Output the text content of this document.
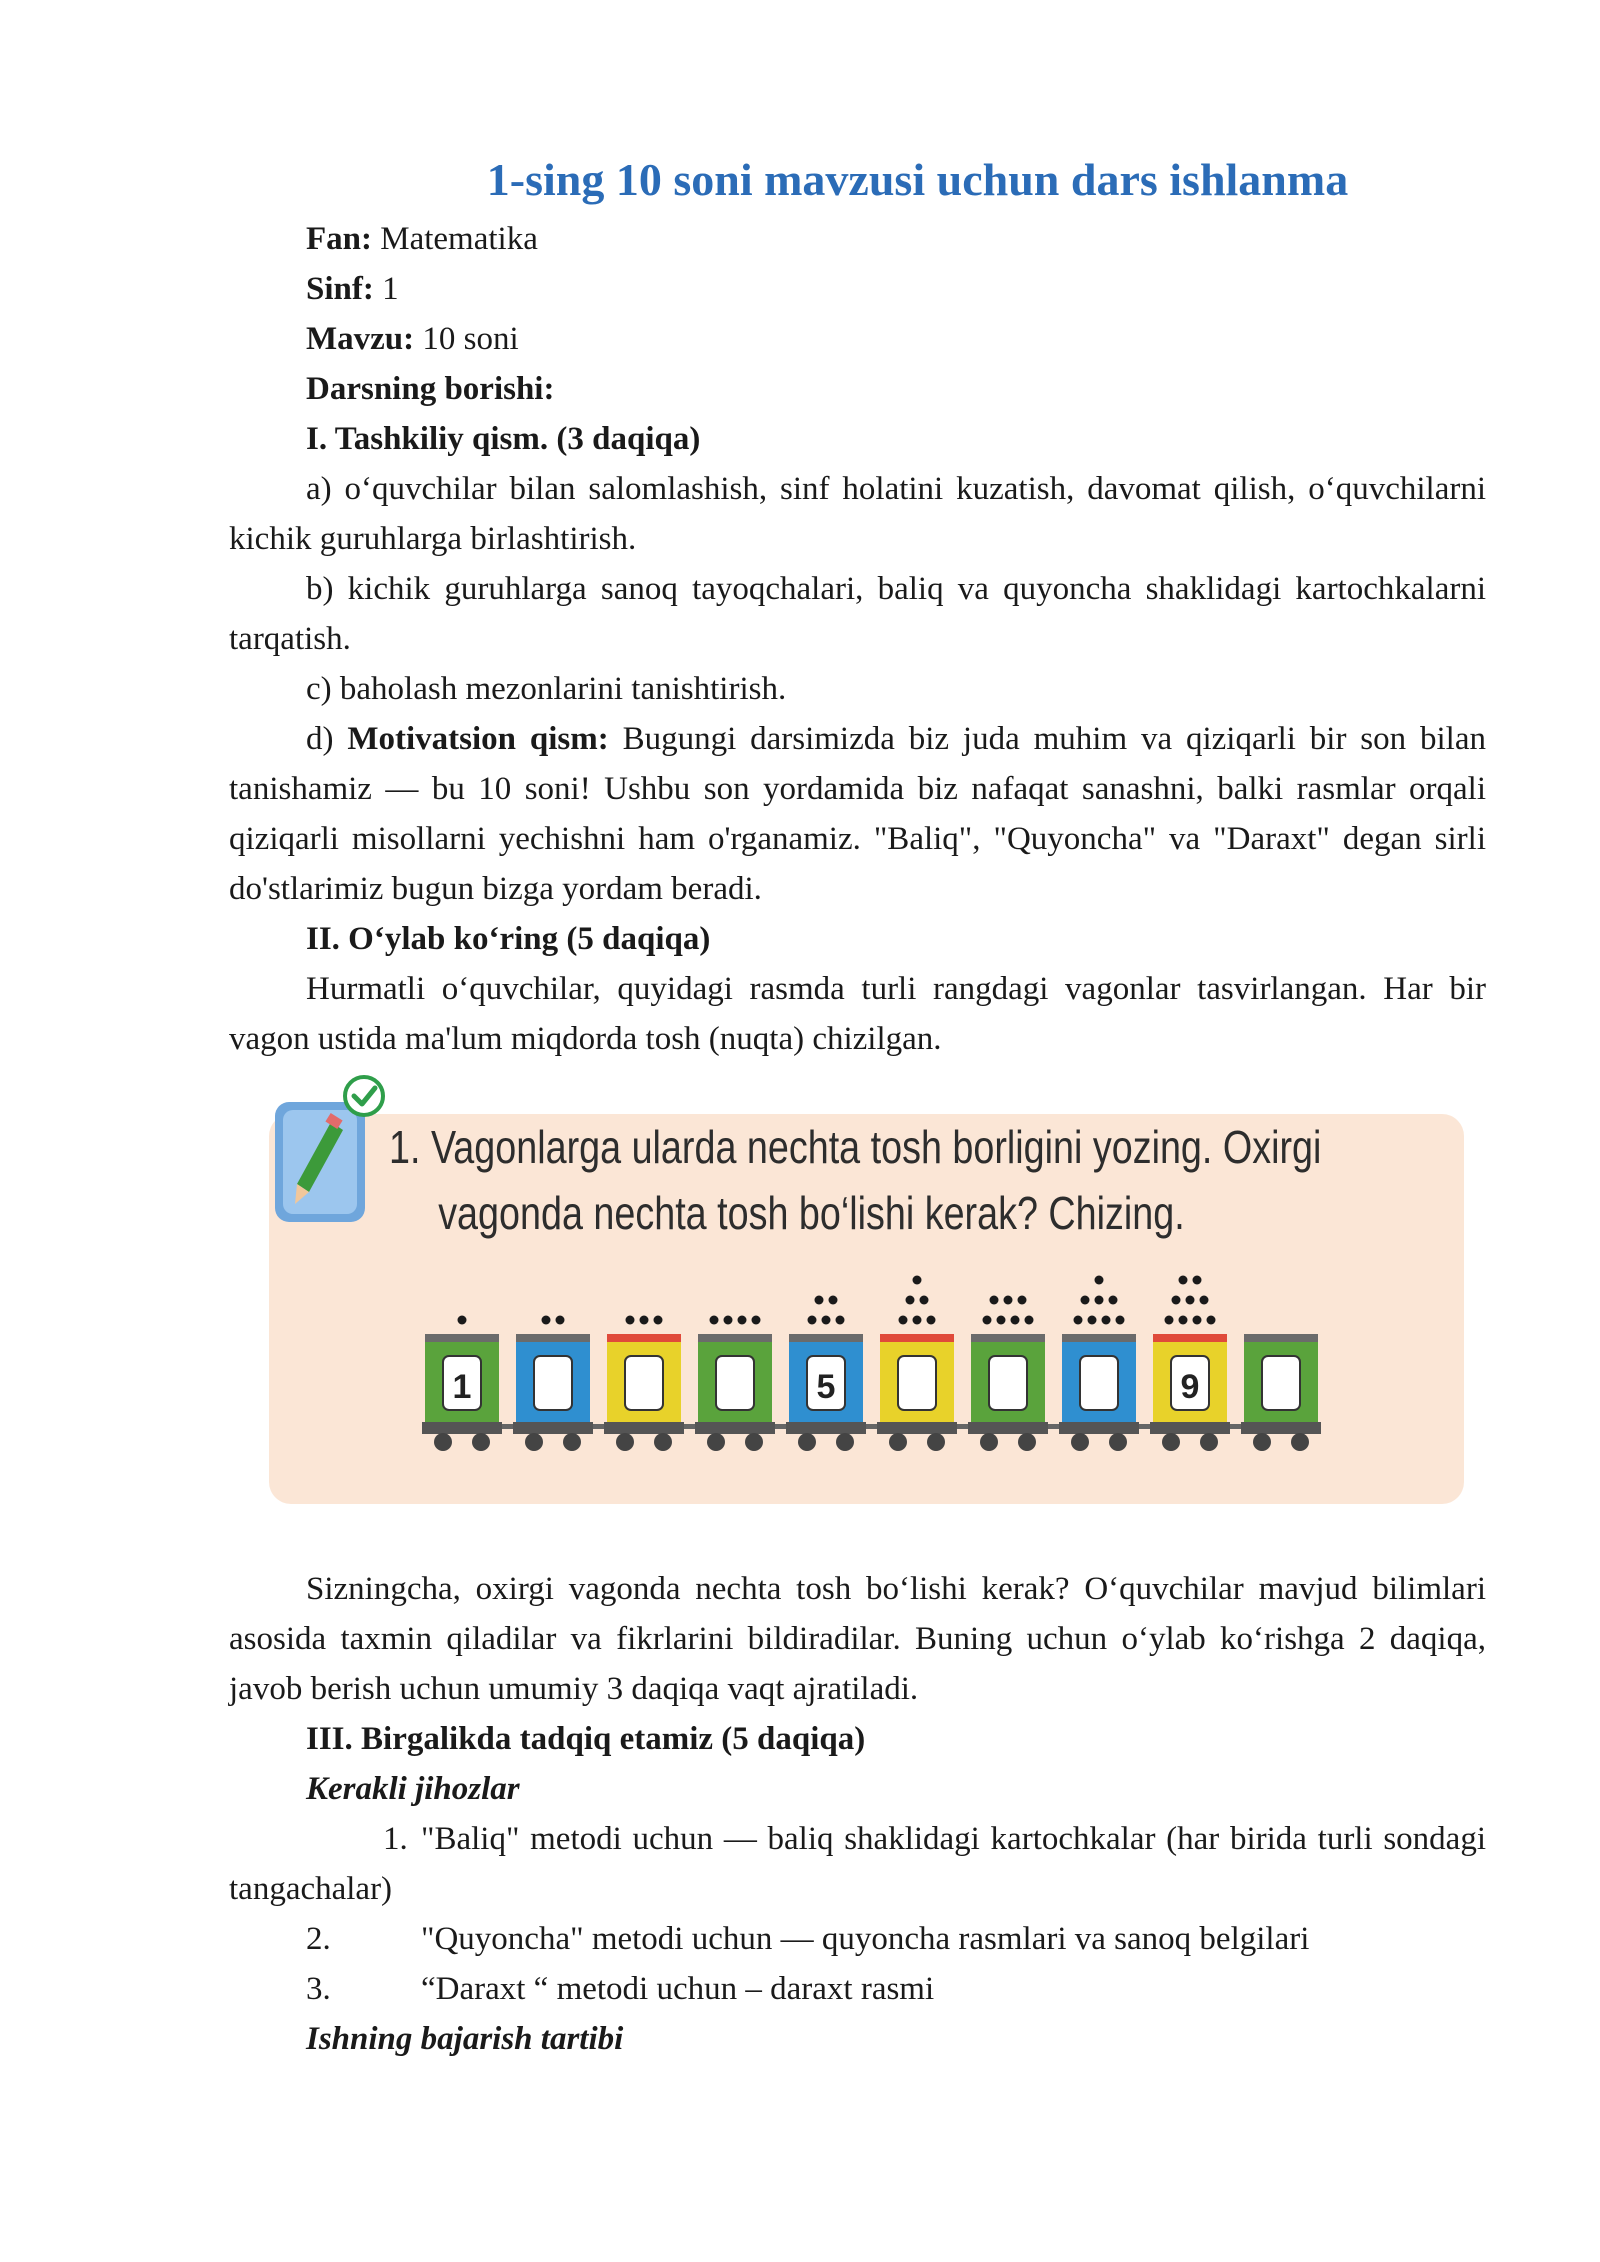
1-sing 10 soni mavzusi uchun dars ishlanma

Fan: Matematika

Sinf: 1

Mavzu: 10 soni

Darsning borishi:

I. Tashkiliy qism. (3 daqiqa)

a) o‘quvchilar bilan salomlashish, sinf holatini kuzatish, davomat qilish, o‘quvchilarni kichik guruhlarga birlashtirish.

b) kichik guruhlarga sanoq tayoqchalari, baliq va quyoncha shaklidagi kartochkalarni tarqatish.

c) baholash mezonlarini tanishtirish.

d) Motivatsion qism: Bugungi darsimizda biz juda muhim va qiziqarli bir son bilan tanishamiz — bu 10 soni! Ushbu son yordamida biz nafaqat sanashni, balki rasmlar orqali qiziqarli misollarni yechishni ham o'rganamiz. "Baliq", "Quyoncha" va "Daraxt" degan sirli do'stlarimiz bugun bizga yordam beradi.

II. O‘ylab ko‘ring (5 daqiqa)

Hurmatli o‘quvchilar, quyidagi rasmda turli rangdagi vagonlar tasvirlangan. Har bir vagon ustida ma'lum miqdorda tosh (nuqta) chizilgan.

1. Vagonlarga ularda nechta tosh borligini yozing. Oxirgi
vagonda nechta tosh bo‘lishi kerak? Chizing.
1	5	9

Sizningcha, oxirgi vagonda nechta tosh bo‘lishi kerak? O‘quvchilar mavjud bilimlari asosida taxmin qiladilar va fikrlarini bildiradilar. Buning uchun o‘ylab ko‘rishga 2 daqiqa, javob berish uchun umumiy 3 daqiqa vaqt ajratiladi.

III. Birgalikda tadqiq etamiz (5 daqiqa)

Kerakli jihozlar

1. "Baliq" metodi uchun — baliq shaklidagi kartochkalar (har birida turli sondagi tangachalar)

2.	"Quyoncha" metodi uchun — quyoncha rasmlari va sanoq belgilari

3.	“Daraxt “ metodi uchun – daraxt rasmi

Ishning bajarish tartibi
